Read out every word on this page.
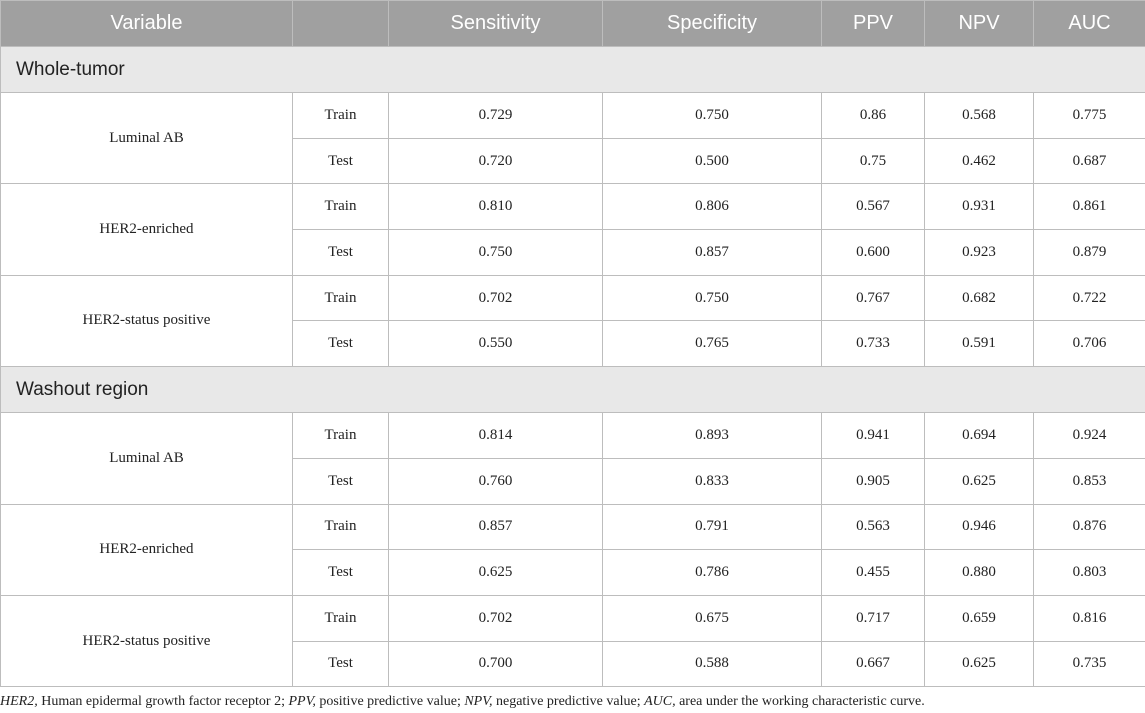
Variable		Sensitivity	Specificity	PPV	NPV	AUC
Whole-tumor						
Luminal AB	Train	0.729	0.750	0.86	0.568	0.775
	Test	0.720	0.500	0.75	0.462	0.687
HER2-enriched	Train	0.810	0.806	0.567	0.931	0.861
	Test	0.750	0.857	0.600	0.923	0.879
HER2-status positive	Train	0.702	0.750	0.767	0.682	0.722
	Test	0.550	0.765	0.733	0.591	0.706
Washout region						
Luminal AB	Train	0.814	0.893	0.941	0.694	0.924
	Test	0.760	0.833	0.905	0.625	0.853
HER2-enriched	Train	0.857	0.791	0.563	0.946	0.876
	Test	0.625	0.786	0.455	0.880	0.803
HER2-status positive	Train	0.702	0.675	0.717	0.659	0.816
	Test	0.700	0.588	0.667	0.625	0.735
HER2, Human epidermal growth factor receptor 2; PPV, positive predictive value; NPV, negative predictive value; AUC, area under the working characteristic curve.
